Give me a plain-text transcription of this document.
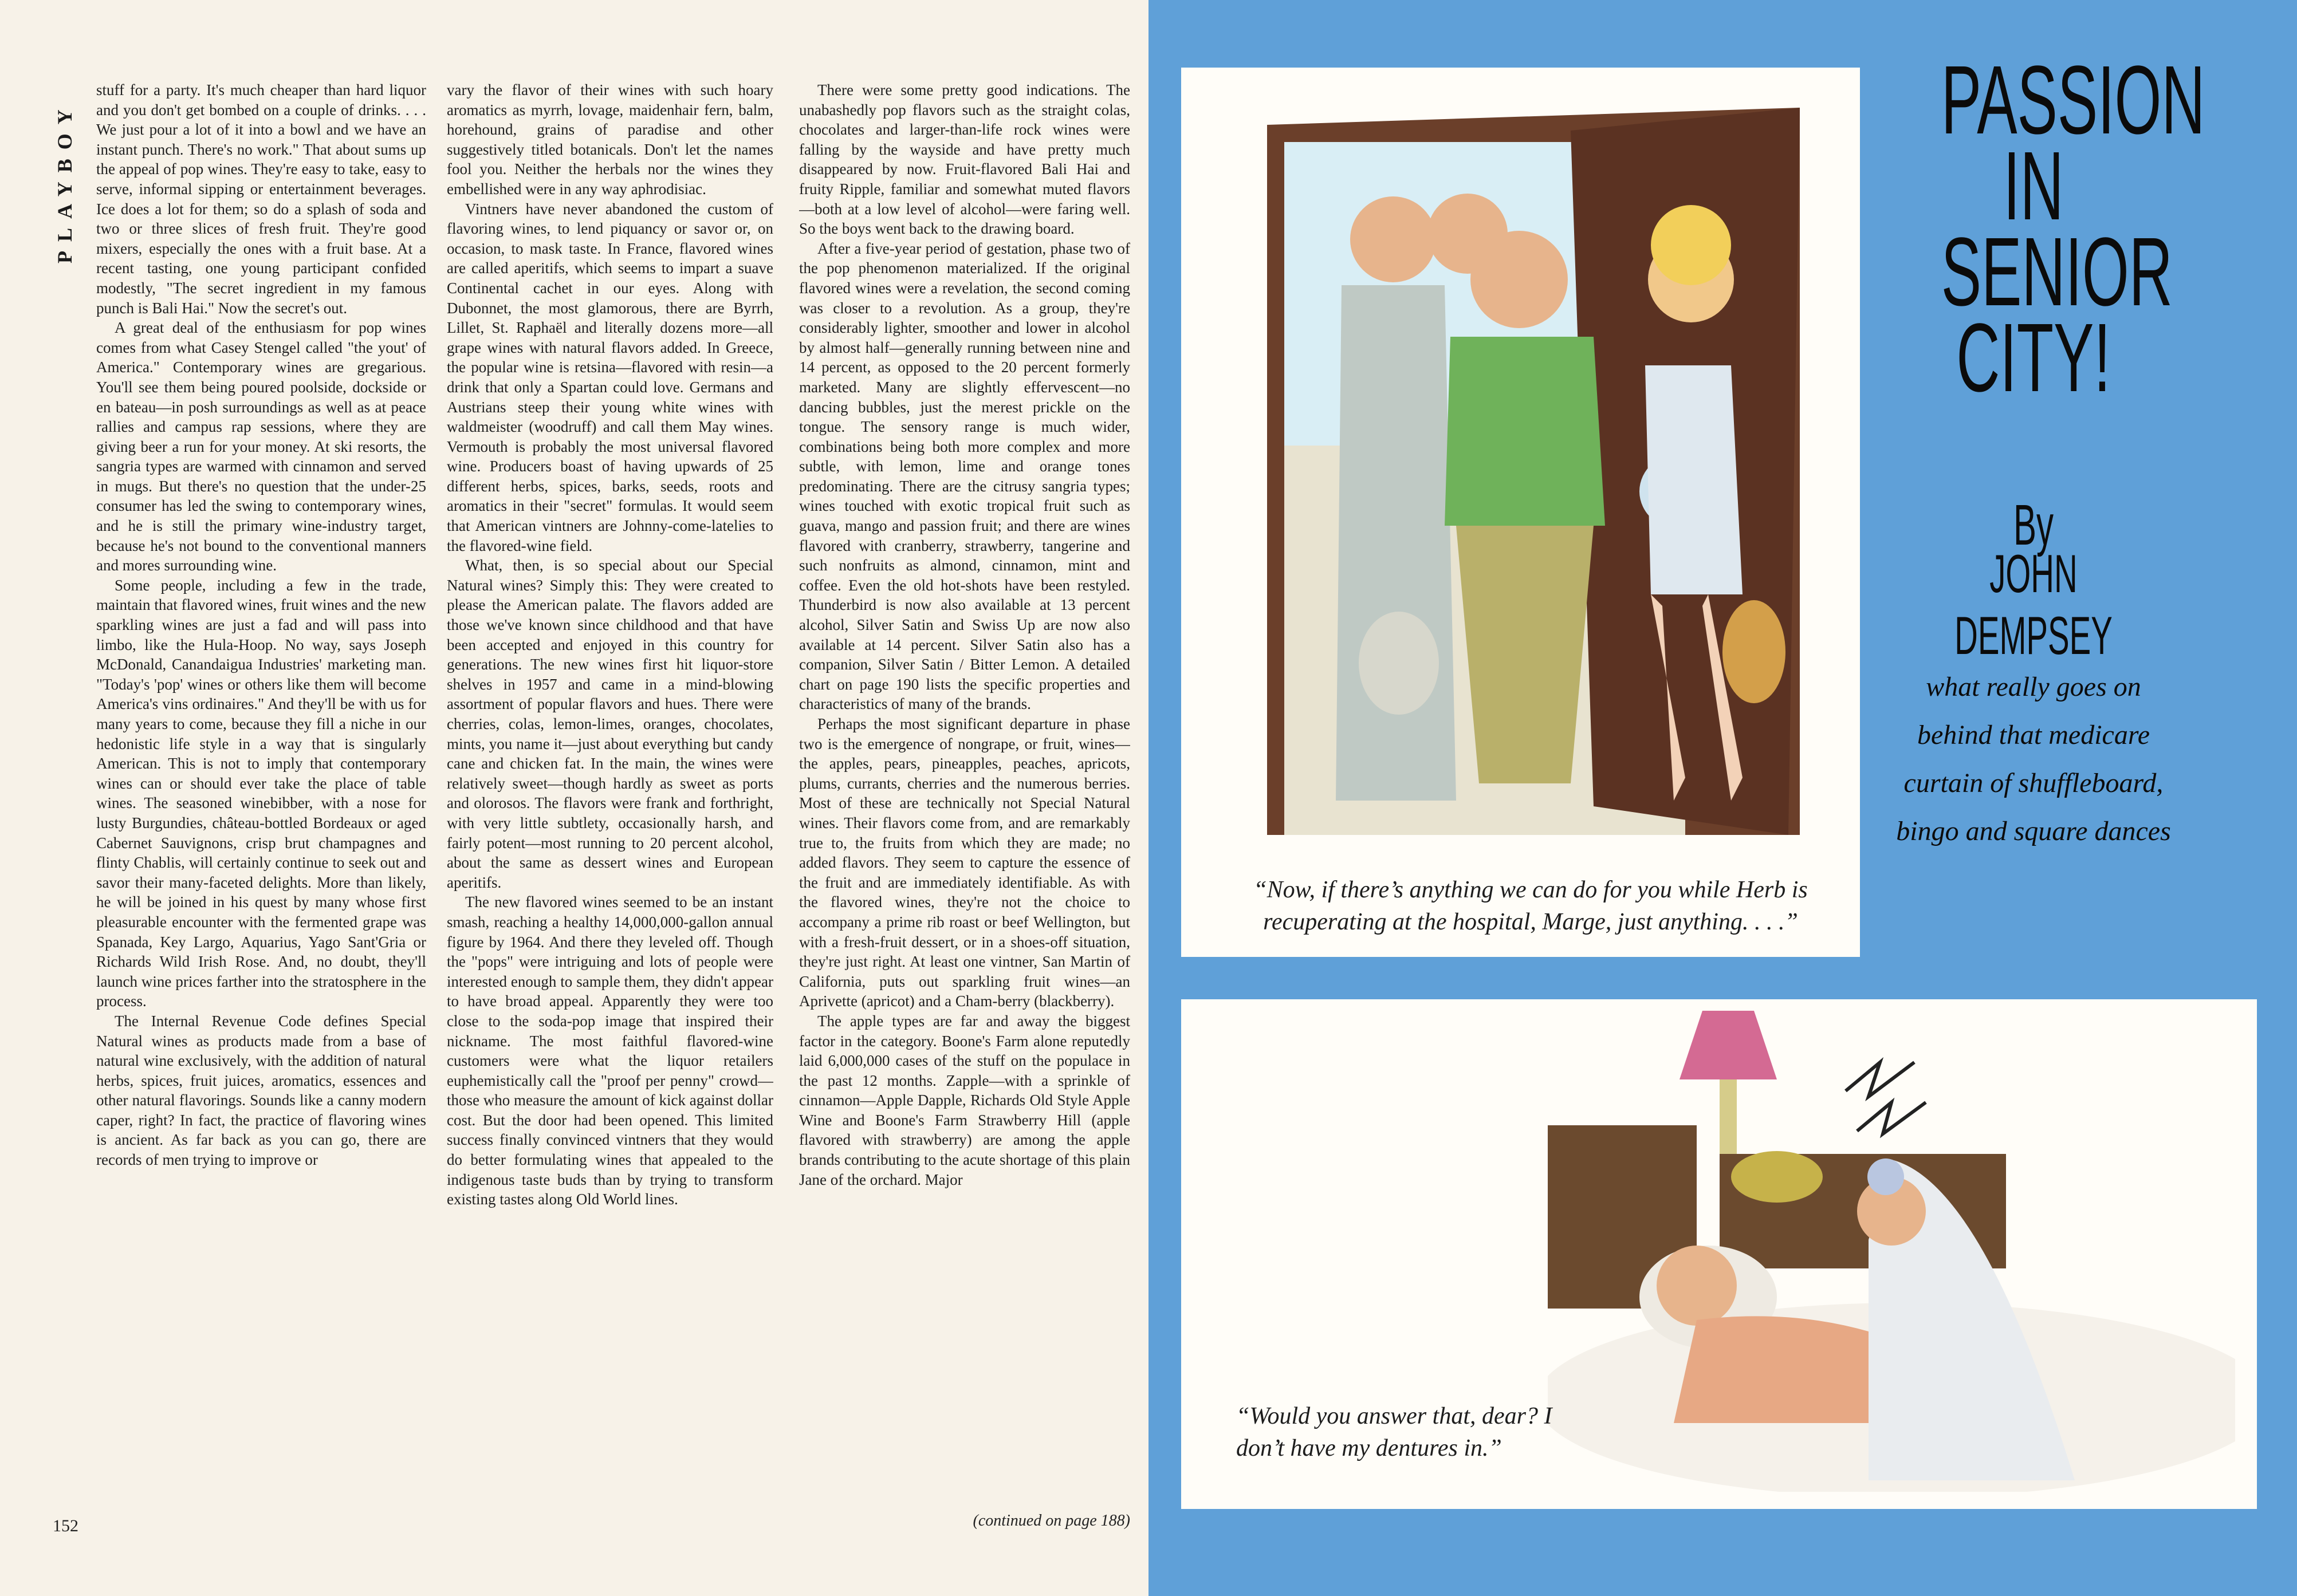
PLAYBOY

stuff for a party. It's much cheaper than hard liquor and you don't get bombed on a couple of drinks. . . . We just pour a lot of it into a bowl and we have an instant punch. There's no work." That about sums up the appeal of pop wines. They're easy to take, easy to serve, informal sipping or entertainment beverages. Ice does a lot for them; so do a splash of soda and two or three slices of fresh fruit. They're good mixers, especially the ones with a fruit base. At a recent tasting, one young participant confided modestly, "The secret ingredient in my famous punch is Bali Hai." Now the secret's out.

A great deal of the enthusiasm for pop wines comes from what Casey Stengel called "the yout' of America." Contemporary wines are gregarious. You'll see them being poured poolside, dockside or en bateau—in posh surroundings as well as at peace rallies and campus rap sessions, where they are giving beer a run for your money. At ski resorts, the sangria types are warmed with cinnamon and served in mugs. But there's no question that the under-25 consumer has led the swing to contemporary wines, and he is still the primary wine-industry target, because he's not bound to the conventional manners and mores surrounding wine.

Some people, including a few in the trade, maintain that flavored wines, fruit wines and the new sparkling wines are just a fad and will pass into limbo, like the Hula-Hoop. No way, says Joseph McDonald, Canandaigua Industries' marketing man. "Today's 'pop' wines or others like them will become America's vins ordinaires." And they'll be with us for many years to come, because they fill a niche in our hedonistic life style in a way that is singularly American. This is not to imply that contemporary wines can or should ever take the place of table wines. The seasoned winebibber, with a nose for lusty Burgundies, château-bottled Bordeaux or aged Cabernet Sauvignons, crisp brut champagnes and flinty Chablis, will certainly continue to seek out and savor their many-faceted delights. More than likely, he will be joined in his quest by many whose first pleasurable encounter with the fermented grape was Spanada, Key Largo, Aquarius, Yago Sant'Gria or Richards Wild Irish Rose. And, no doubt, they'll launch wine prices farther into the stratosphere in the process.

The Internal Revenue Code defines Special Natural wines as products made from a base of natural wine exclusively, with the addition of natural herbs, spices, fruit juices, aromatics, essences and other natural flavorings. Sounds like a canny modern caper, right? In fact, the practice of flavoring wines is ancient. As far back as you can go, there are records of men trying to improve or

vary the flavor of their wines with such hoary aromatics as myrrh, lovage, maidenhair fern, balm, horehound, grains of paradise and other suggestively titled botanicals. Don't let the names fool you. Neither the herbals nor the wines they embellished were in any way aphrodisiac.

Vintners have never abandoned the custom of flavoring wines, to lend piquancy or savor or, on occasion, to mask taste. In France, flavored wines are called aperitifs, which seems to impart a suave Continental cachet in our eyes. Along with Dubonnet, the most glamorous, there are Byrrh, Lillet, St. Raphaël and literally dozens more—all grape wines with natural flavors added. In Greece, the popular wine is retsina—flavored with resin—a drink that only a Spartan could love. Germans and Austrians steep their young white wines with waldmeister (woodruff) and call them May wines. Vermouth is probably the most universal flavored wine. Producers boast of having upwards of 25 different herbs, spices, barks, seeds, roots and aromatics in their "secret" formulas. It would seem that American vintners are Johnny-come-latelies to the flavored-wine field.

What, then, is so special about our Special Natural wines? Simply this: They were created to please the American palate. The flavors added are those we've known since childhood and that have been accepted and enjoyed in this country for generations. The new wines first hit liquor-store shelves in 1957 and came in a mind-blowing assortment of popular flavors and hues. There were cherries, colas, lemon-limes, oranges, chocolates, mints, you name it—just about everything but candy cane and chicken fat. In the main, the wines were relatively sweet—though hardly as sweet as ports and olorosos. The flavors were frank and forthright, with very little subtlety, occasionally harsh, and fairly potent—most running to 20 percent alcohol, about the same as dessert wines and European aperitifs.

The new flavored wines seemed to be an instant smash, reaching a healthy 14,000,000-gallon annual figure by 1964. And there they leveled off. Though the "pops" were intriguing and lots of people were interested enough to sample them, they didn't appear to have broad appeal. Apparently they were too close to the soda-pop image that inspired their nickname. The most faithful flavored-wine customers were what the liquor retailers euphemistically call the "proof per penny" crowd—those who measure the amount of kick against dollar cost. But the door had been opened. This limited success finally convinced vintners that they would do better formulating wines that appealed to the indigenous taste buds than by trying to transform existing tastes along Old World lines.

There were some pretty good indications. The unabashedly pop flavors such as the straight colas, chocolates and larger-than-life rock wines were falling by the wayside and have pretty much disappeared by now. Fruit-flavored Bali Hai and fruity Ripple, familiar and somewhat muted flavors—both at a low level of alcohol—were faring well. So the boys went back to the drawing board.

After a five-year period of gestation, phase two of the pop phenomenon materialized. If the original flavored wines were a revelation, the second coming was closer to a revolution. As a group, they're considerably lighter, smoother and lower in alcohol by almost half—generally running between nine and 14 percent, as opposed to the 20 percent formerly marketed. Many are slightly effervescent—no dancing bubbles, just the merest prickle on the tongue. The sensory range is much wider, combinations being both more complex and more subtle, with lemon, lime and orange tones predominating. There are the citrusy sangria types; wines touched with exotic tropical fruit such as guava, mango and passion fruit; and there are wines flavored with cranberry, strawberry, tangerine and such nonfruits as almond, cinnamon, mint and coffee. Even the old hot-shots have been restyled. Thunderbird is now also available at 13 percent alcohol, Silver Satin and Swiss Up are now also available at 14 percent. Silver Satin also has a companion, Silver Satin / Bitter Lemon. A detailed chart on page 190 lists the specific properties and characteristics of many of the brands.

Perhaps the most significant departure in phase two is the emergence of nongrape, or fruit, wines—the apples, pears, pineapples, peaches, apricots, plums, currants, cherries and the numerous berries. Most of these are technically not Special Natural wines. Their flavors come from, and are remarkably true to, the fruits from which they are made; no added flavors. They seem to capture the essence of the fruit and are immediately identifiable. As with the flavored wines, they're not the choice to accompany a prime rib roast or beef Wellington, but with a fresh-fruit dessert, or in a shoes-off situation, they're just right. At least one vintner, San Martin of California, puts out sparkling fruit wines—an Aprivette (apricot) and a Cham-berry (blackberry).

The apple types are far and away the biggest factor in the category. Boone's Farm alone reputedly laid 6,000,000 cases of the stuff on the populace in the past 12 months. Zapple—with a sprinkle of cinnamon—Apple Dapple, Richards Old Style Apple Wine and Boone's Farm Strawberry Hill (apple flavored with strawberry) are among the apple brands contributing to the acute shortage of this plain Jane of the orchard. Major

152	(continued on page 188)
“Now, if there’s anything we can do for you while Herb is recuperating at the hospital, Marge, just anything. . . .”
PASSION
IN
SENIOR
CITY!
By
JOHN DEMPSEY
what really goes on behind that medicare curtain of shuffleboard, bingo and square dances
“Would you answer that, dear? I don’t have my dentures in.”
